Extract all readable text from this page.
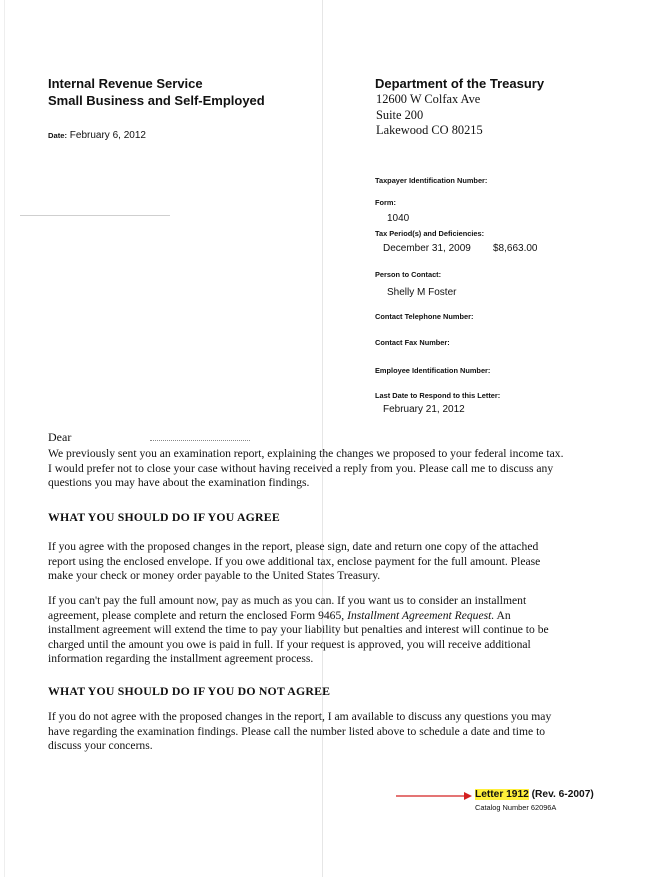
Internal Revenue Service
Small Business and Self-Employed
Date: February 6, 2012
Department of the Treasury
12600 W Colfax Ave
Suite 200
Lakewood CO 80215
Taxpayer Identification Number:
Form:
1040
Tax Period(s) and Deficiencies:
December 31, 2009 $8,663.00
Person to Contact:
Shelly M Foster
Contact Telephone Number:
Contact Fax Number:
Employee Identification Number:
Last Date to Respond to this Letter:
February 21, 2012
Dear
We previously sent you an examination report, explaining the changes we proposed to your federal income tax.
I would prefer not to close your case without having received a reply from you. Please call me to discuss any
questions you may have about the examination findings.
WHAT YOU SHOULD DO IF YOU AGREE
If you agree with the proposed changes in the report, please sign, date and return one copy of the attached
report using the enclosed envelope. If you owe additional tax, enclose payment for the full amount. Please
make your check or money order payable to the United States Treasury.
If you can't pay the full amount now, pay as much as you can. If you want us to consider an installment
agreement, please complete and return the enclosed Form 9465, Installment Agreement Request. An
installment agreement will extend the time to pay your liability but penalties and interest will continue to be
charged until the amount you owe is paid in full. If your request is approved, you will receive additional
information regarding the installment agreement process.
WHAT YOU SHOULD DO IF YOU DO NOT AGREE
If you do not agree with the proposed changes in the report, I am available to discuss any questions you may
have regarding the examination findings. Please call the number listed above to schedule a date and time to
discuss your concerns.
Letter 1912 (Rev. 6-2007)
Catalog Number 62096A
